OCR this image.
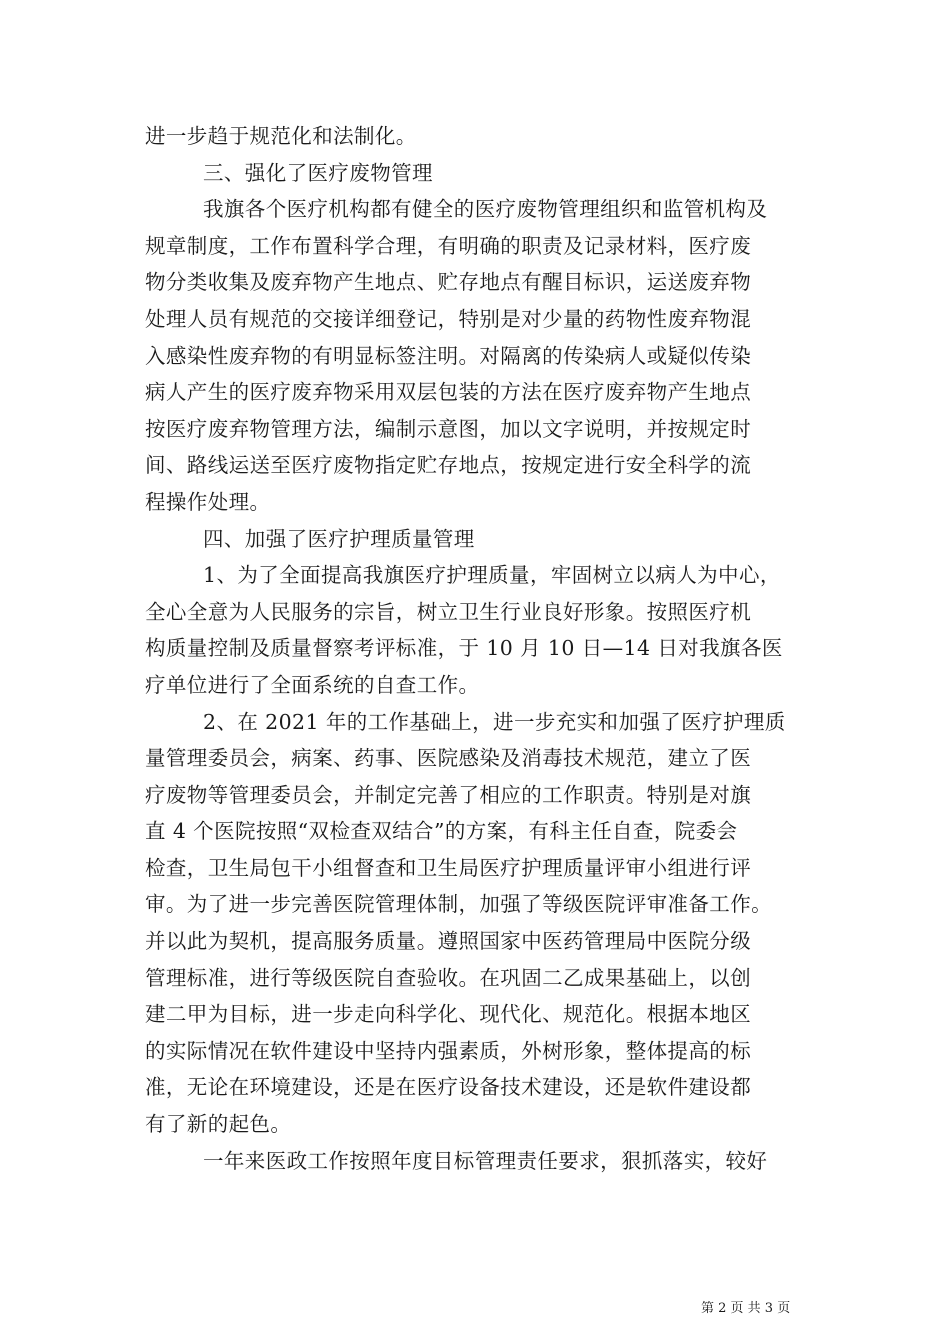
进一步趋于规范化和法制化。
三、强化了医疗废物管理
我旗各个医疗机构都有健全的医疗废物管理组织和监管机构及
规章制度，工作布置科学合理，有明确的职责及记录材料，医疗废
物分类收集及废弃物产生地点、贮存地点有醒目标识，运送废弃物
处理人员有规范的交接详细登记，特别是对少量的药物性废弃物混
入感染性废弃物的有明显标签注明。对隔离的传染病人或疑似传染
病人产生的医疗废弃物采用双层包装的方法在医疗废弃物产生地点
按医疗废弃物管理方法，编制示意图，加以文字说明，并按规定时
间、路线运送至医疗废物指定贮存地点，按规定进行安全科学的流
程操作处理。
四、加强了医疗护理质量管理
1、为了全面提高我旗医疗护理质量，牢固树立以病人为中心，
全心全意为人民服务的宗旨，树立卫生行业良好形象。按照医疗机
构质量控制及质量督察考评标准，于 10 月 10 日—14 日对我旗各医
疗单位进行了全面系统的自查工作。
2、在 2021 年的工作基础上，进一步充实和加强了医疗护理质
量管理委员会，病案、药事、医院感染及消毒技术规范，建立了医
疗废物等管理委员会，并制定完善了相应的工作职责。特别是对旗
直 4 个医院按照“双检查双结合”的方案，有科主任自查，院委会
检查，卫生局包干小组督查和卫生局医疗护理质量评审小组进行评
审。为了进一步完善医院管理体制，加强了等级医院评审准备工作。
并以此为契机，提高服务质量。遵照国家中医药管理局中医院分级
管理标准，进行等级医院自查验收。在巩固二乙成果基础上，以创
建二甲为目标，进一步走向科学化、现代化、规范化。根据本地区
的实际情况在软件建设中坚持内强素质，外树形象，整体提高的标
准，无论在环境建设，还是在医疗设备技术建设，还是软件建设都
有了新的起色。
一年来医政工作按照年度目标管理责任要求，狠抓落实，较好
第 2 页 共 3 页
